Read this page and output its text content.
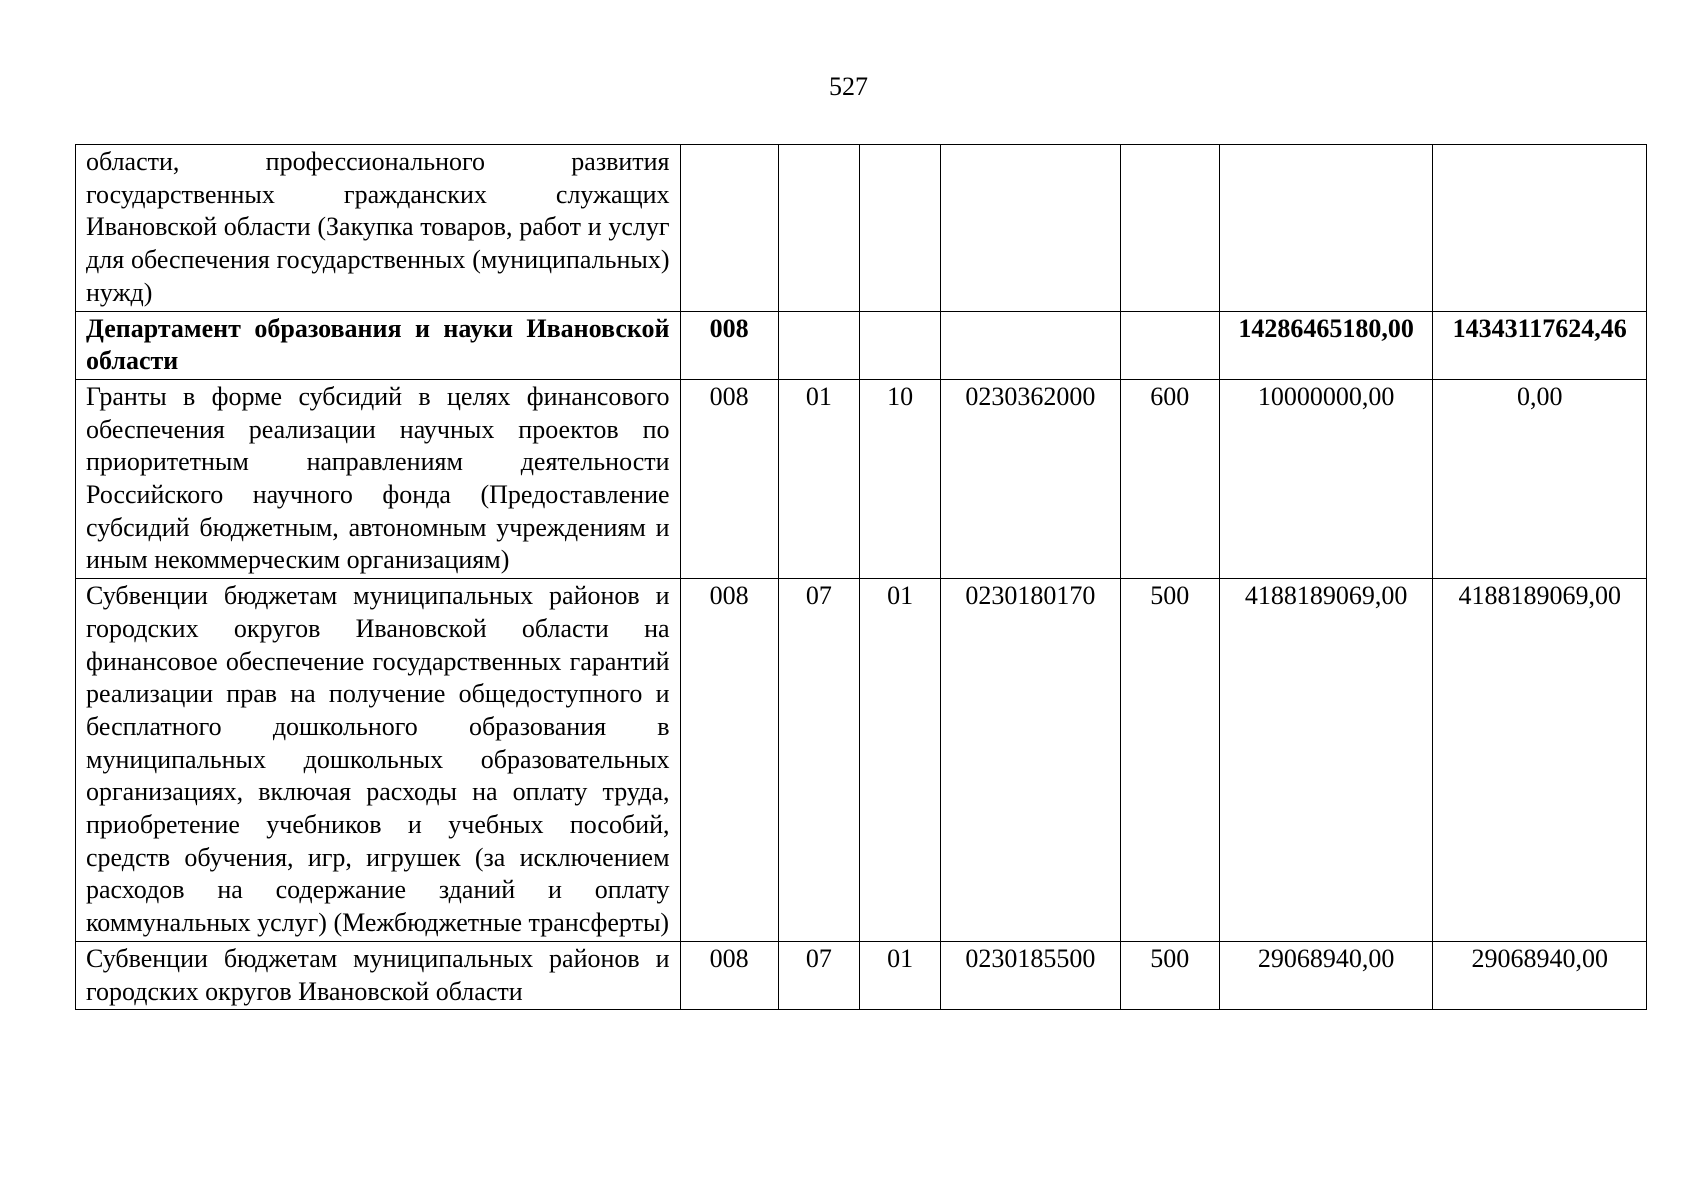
527
области, профессионального развития государственных гражданских служащих Ивановской области (Закупка товаров, работ и услуг для обеспечения государственных (муниципальных) нужд)							
Департамент образования и науки Ивановской области	008					14286465180,00	14343117624,46
Гранты в форме субсидий в целях финансового обеспечения реализации научных проектов по приоритетным направлениям деятельности Российского научного фонда (Предоставление субсидий бюджетным, автономным учреждениям и иным некоммерческим организациям)	008	01	10	0230362000	600	10000000,00	0,00
Субвенции бюджетам муниципальных районов и городских округов Ивановской области на финансовое обеспечение государственных гарантий реализации прав на получение общедоступного и бесплатного дошкольного образования в муниципальных дошкольных образовательных организациях, включая расходы на оплату труда, приобретение учебников и учебных пособий, средств обучения, игр, игрушек (за исключением расходов на содержание зданий и оплату коммунальных услуг) (Межбюджетные трансферты)	008	07	01	0230180170	500	4188189069,00	4188189069,00
Субвенции бюджетам муниципальных районов и городских округов Ивановской области	008	07	01	0230185500	500	29068940,00	29068940,00
